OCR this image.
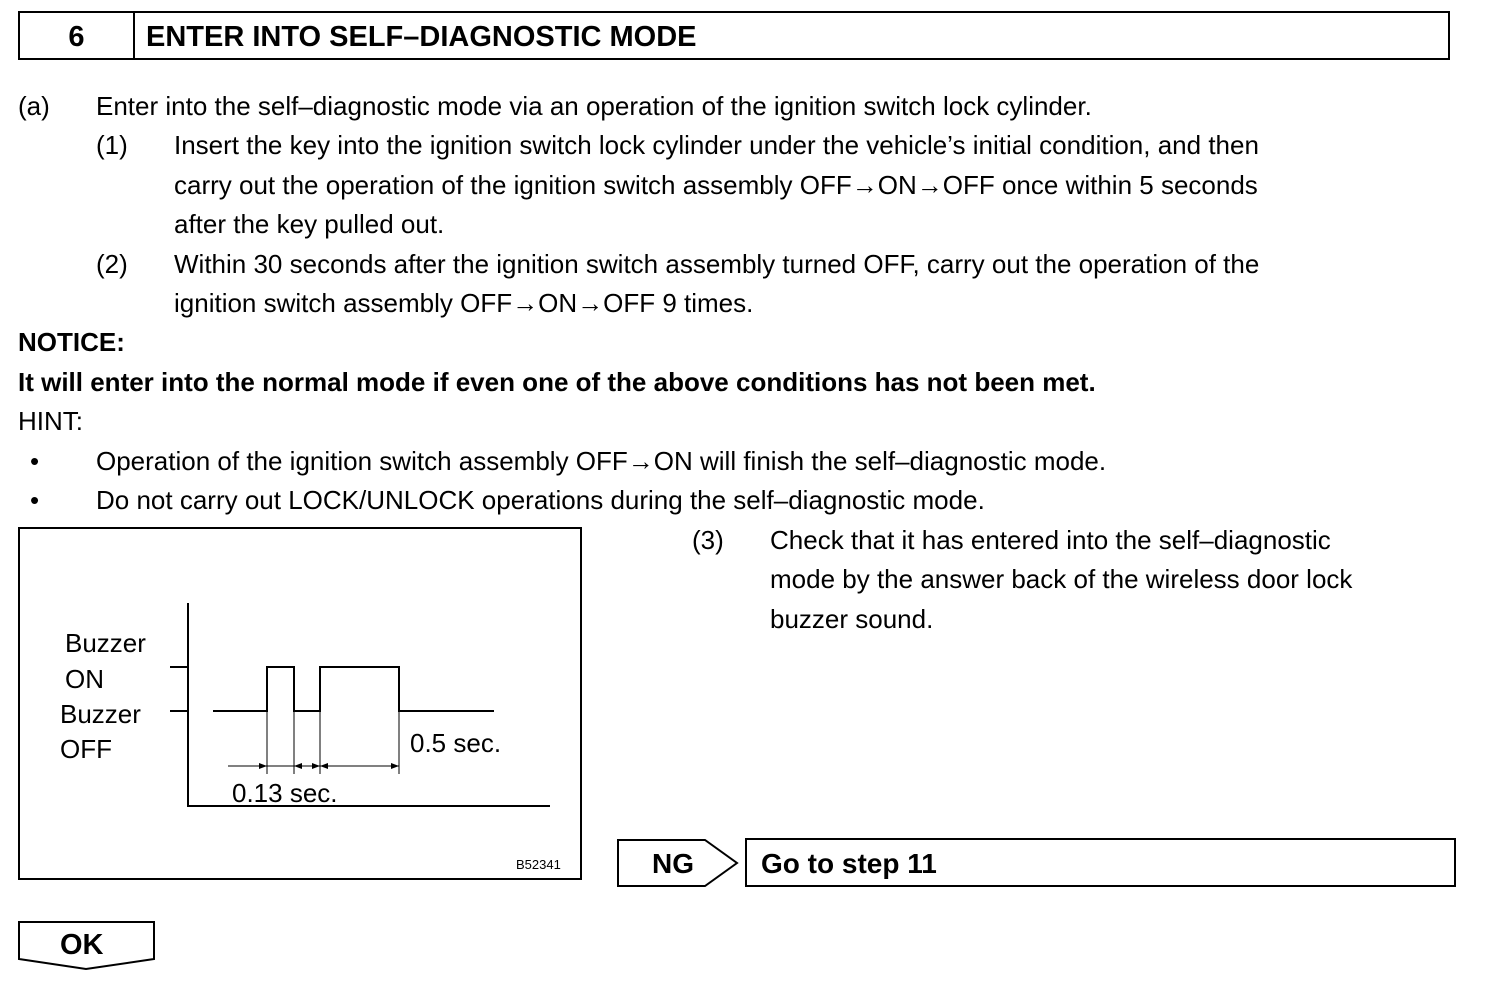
6	ENTER INTO SELF–DIAGNOSTIC MODE
(a) Enter into the self–diagnostic mode via an operation of the ignition switch lock cylinder.
(1) Insert the key into the ignition switch lock cylinder under the vehicle’s initial condition, and then
carry out the operation of the ignition switch assembly OFF→ON→OFF once within 5 seconds
after the key pulled out.
(2) Within 30 seconds after the ignition switch assembly turned OFF, carry out the operation of the
ignition switch assembly OFF→ON→OFF 9 times.
NOTICE:
It will enter into the normal mode if even one of the above conditions has not been met.
HINT:
• Operation of the ignition switch assembly OFF→ON will finish the self–diagnostic mode.
• Do not carry out LOCK/UNLOCK operations during the self–diagnostic mode.
(3) Check that it has entered into the self–diagnostic
mode by the answer back of the wireless door lock
buzzer sound.
Buzzer
ON
Buzzer
OFF	0.5 sec.
0.13 sec.
B52341	NG Go to step 11
OK
